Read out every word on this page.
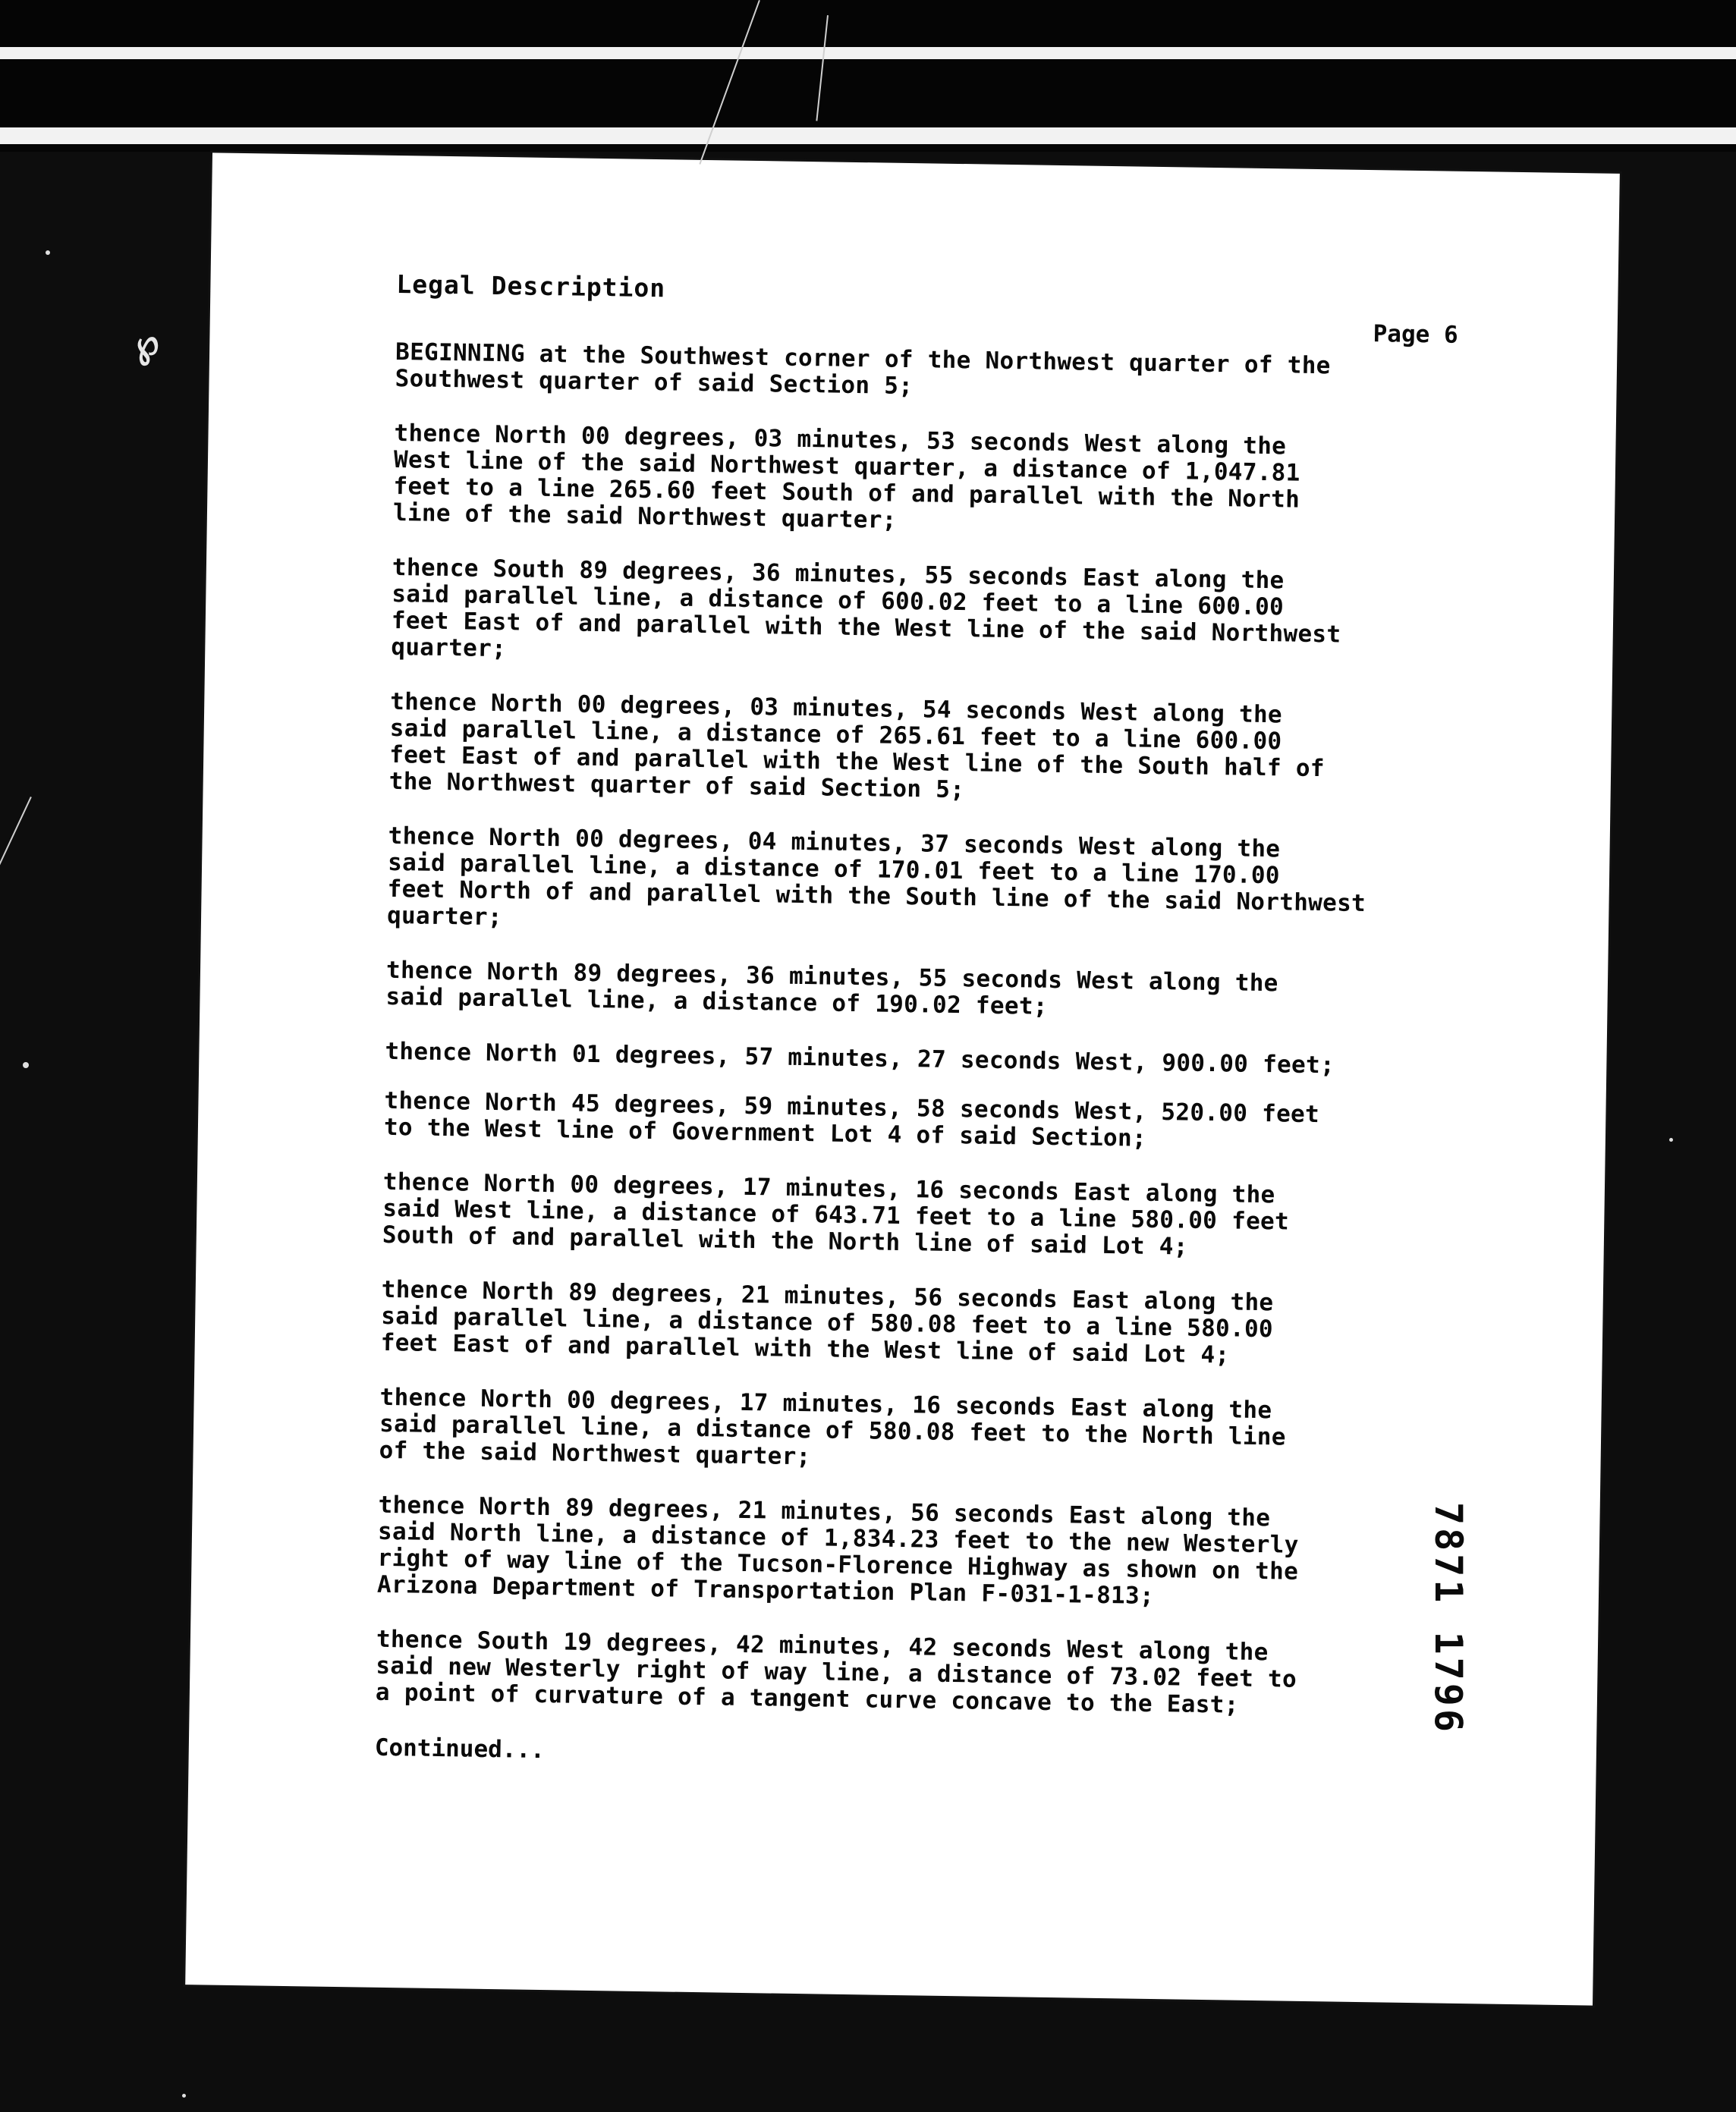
℘
Legal Description
Page 6

BEGINNING at the Southwest corner of the Northwest quarter of the
Southwest quarter of said Section 5;

thence North 00 degrees, 03 minutes, 53 seconds West along the
West line of the said Northwest quarter, a distance of 1,047.81
feet to a line 265.60 feet South of and parallel with the North
line of the said Northwest quarter;

thence South 89 degrees, 36 minutes, 55 seconds East along the
said parallel line, a distance of 600.02 feet to a line 600.00
feet East of and parallel with the West line of the said Northwest
quarter;

thence North 00 degrees, 03 minutes, 54 seconds West along the
said parallel line, a distance of 265.61 feet to a line 600.00
feet East of and parallel with the West line of the South half of
the Northwest quarter of said Section 5;

thence North 00 degrees, 04 minutes, 37 seconds West along the
said parallel line, a distance of 170.01 feet to a line 170.00
feet North of and parallel with the South line of the said Northwest
quarter;

thence North 89 degrees, 36 minutes, 55 seconds West along the
said parallel line, a distance of 190.02 feet;

thence North 01 degrees, 57 minutes, 27 seconds West, 900.00 feet;

thence North 45 degrees, 59 minutes, 58 seconds West, 520.00 feet
to the West line of Government Lot 4 of said Section;

thence North 00 degrees, 17 minutes, 16 seconds East along the
said West line, a distance of 643.71 feet to a line 580.00 feet
South of and parallel with the North line of said Lot 4;

thence North 89 degrees, 21 minutes, 56 seconds East along the
said parallel line, a distance of 580.08 feet to a line 580.00
feet East of and parallel with the West line of said Lot 4;

thence North 00 degrees, 17 minutes, 16 seconds East along the
said parallel line, a distance of 580.08 feet to the North line
of the said Northwest quarter;

thence North 89 degrees, 21 minutes, 56 seconds East along the
said North line, a distance of 1,834.23 feet to the new Westerly
right of way line of the Tucson-Florence Highway as shown on the
Arizona Department of Transportation Plan F-031-1-813;

thence South 19 degrees, 42 minutes, 42 seconds West along the
said new Westerly right of way line, a distance of 73.02 feet to
a point of curvature of a tangent curve concave to the East;

Continued...
7871 1796
